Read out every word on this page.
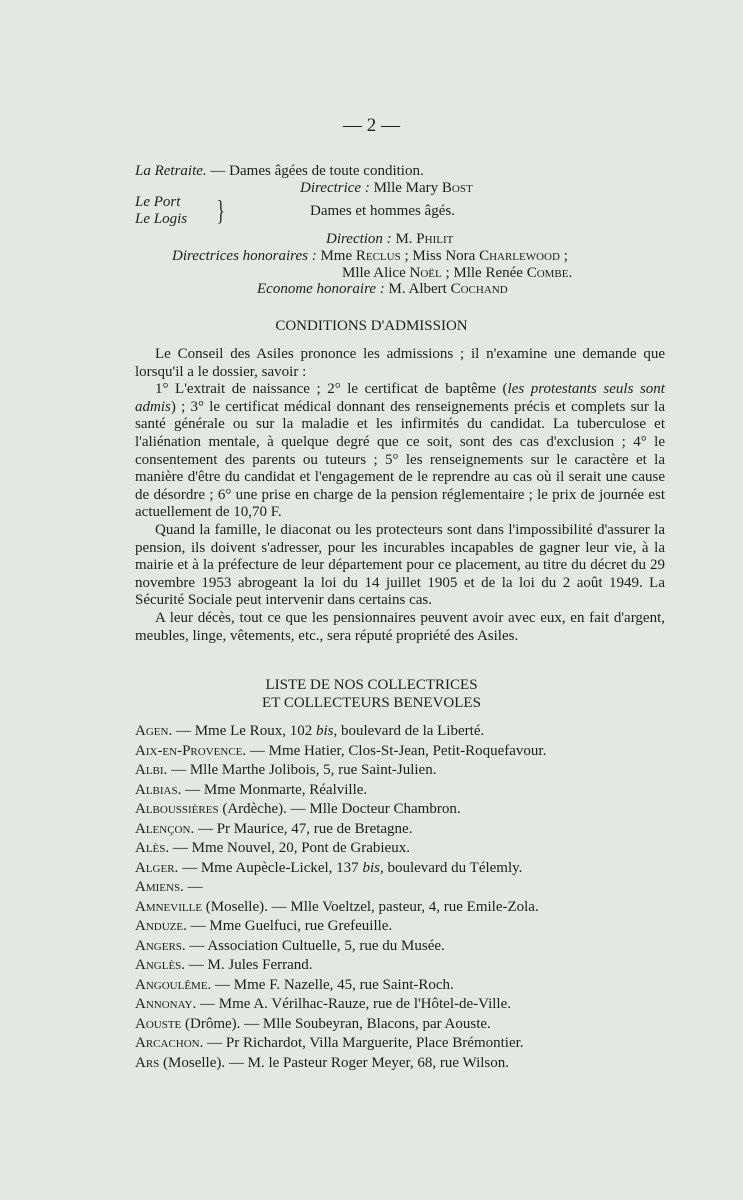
— 2 —
La Retraite. — Dames âgées de toute condition.
Directrice : Mlle Mary Bost
Le Port
Le Logis }	Dames et hommes âgés.
Direction : M. Philit
Directrices honoraires : Mme Reclus ; Miss Nora Charlewood ;
Mlle Alice Noël ; Mlle Renée Combe.
Econome honoraire : M. Albert Cochand
CONDITIONS D'ADMISSION

Le Conseil des Asiles prononce les admissions ; il n'examine une demande que lorsqu'il a le dossier, savoir :

1° L'extrait de naissance ; 2° le certificat de baptême (les protestants seuls sont admis) ; 3° le certificat médical donnant des renseignements précis et complets sur la santé générale ou sur la maladie et les infirmités du candidat. La tuberculose et l'aliénation mentale, à quelque degré que ce soit, sont des cas d'exclusion ; 4° le consentement des parents ou tuteurs ; 5° les renseignements sur le caractère et la manière d'être du candidat et l'engagement de le reprendre au cas où il serait une cause de désordre ; 6° une prise en charge de la pension réglementaire ; le prix de journée est actuellement de 10,70 F.

Quand la famille, le diaconat ou les protecteurs sont dans l'impossibilité d'assurer la pension, ils doivent s'adresser, pour les incurables incapables de gagner leur vie, à la mairie et à la préfecture de leur département pour ce placement, au titre du décret du 29 novembre 1953 abrogeant la loi du 14 juillet 1905 et de la loi du 2 août 1949. La Sécurité Sociale peut intervenir dans certains cas.

A leur décès, tout ce que les pensionnaires peuvent avoir avec eux, en fait d'argent, meubles, linge, vêtements, etc., sera réputé propriété des Asiles.

LISTE DE NOS COLLECTRICES
ET COLLECTEURS BENEVOLES
Agen. — Mme Le Roux, 102 bis, boulevard de la Liberté.
Aix-en-Provence. — Mme Hatier, Clos-St-Jean, Petit-Roquefavour.
Albi. — Mlle Marthe Jolibois, 5, rue Saint-Julien.
Albias. — Mme Monmarte, Réalville.
Alboussières (Ardèche). — Mlle Docteur Chambron.
Alençon. — Pr Maurice, 47, rue de Bretagne.
Alès. — Mme Nouvel, 20, Pont de Grabieux.
Alger. — Mme Aupècle-Lickel, 137 bis, boulevard du Télemly.
Amiens. —
Amneville (Moselle). — Mlle Voeltzel, pasteur, 4, rue Emile-Zola.
Anduze. — Mme Guelfuci, rue Grefeuille.
Angers. — Association Cultuelle, 5, rue du Musée.
Anglès. — M. Jules Ferrand.
Angoulême. — Mme F. Nazelle, 45, rue Saint-Roch.
Annonay. — Mme A. Vérilhac-Rauze, rue de l'Hôtel-de-Ville.
Aouste (Drôme). — Mlle Soubeyran, Blacons, par Aouste.
Arcachon. — Pr Richardot, Villa Marguerite, Place Brémontier.
Ars (Moselle). — M. le Pasteur Roger Meyer, 68, rue Wilson.
